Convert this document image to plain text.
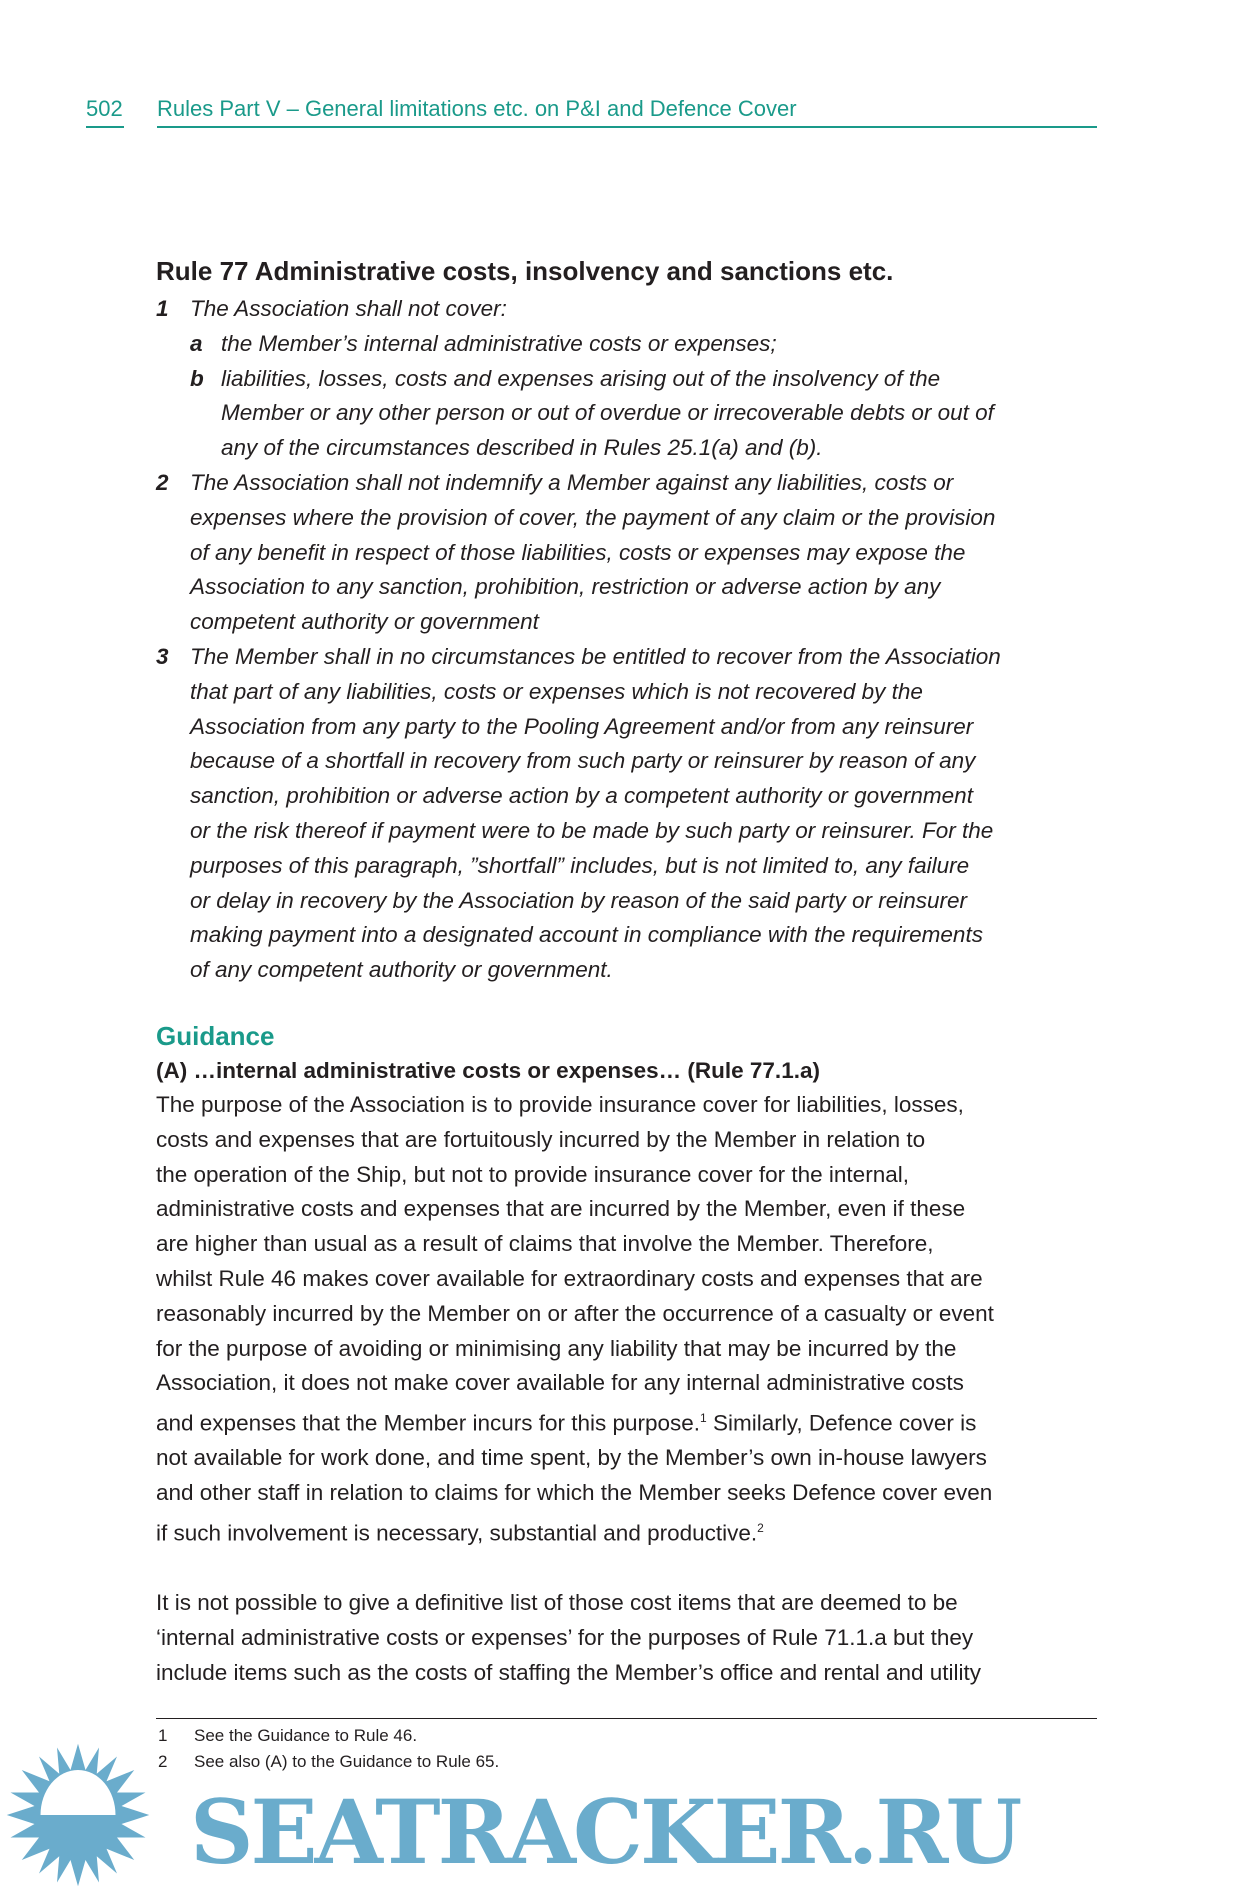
502 Rules Part V – General limitations etc. on P&I and Defence Cover
Rule 77 Administrative costs, insolvency and sanctions etc.
1 The Association shall not cover:
a the Member’s internal administrative costs or expenses;
b liabilities, losses, costs and expenses arising out of the insolvency of the
Member or any other person or out of overdue or irrecoverable debts or out of
any of the circumstances described in Rules 25.1(a) and (b).
2 The Association shall not indemnify a Member against any liabilities, costs or
expenses where the provision of cover, the payment of any claim or the provision
of any benefit in respect of those liabilities, costs or expenses may expose the
Association to any sanction, prohibition, restriction or adverse action by any
competent authority or government
3 The Member shall in no circumstances be entitled to recover from the Association
that part of any liabilities, costs or expenses which is not recovered by the
Association from any party to the Pooling Agreement and/or from any reinsurer
because of a shortfall in recovery from such party or reinsurer by reason of any
sanction, prohibition or adverse action by a competent authority or government
or the risk thereof if payment were to be made by such party or reinsurer. For the
purposes of this paragraph, ”shortfall” includes, but is not limited to, any failure
or delay in recovery by the Association by reason of the said party or reinsurer
making payment into a designated account in compliance with the requirements
of any competent authority or government.
Guidance
(A) …internal administrative costs or expenses… (Rule 77.1.a)
The purpose of the Association is to provide insurance cover for liabilities, losses,
costs and expenses that are fortuitously incurred by the Member in relation to
the operation of the Ship, but not to provide insurance cover for the internal,
administrative costs and expenses that are incurred by the Member, even if these
are higher than usual as a result of claims that involve the Member. Therefore,
whilst Rule 46 makes cover available for extraordinary costs and expenses that are
reasonably incurred by the Member on or after the occurrence of a casualty or event
for the purpose of avoiding or minimising any liability that may be incurred by the
Association, it does not make cover available for any internal administrative costs
and expenses that the Member incurs for this purpose.$^1$ Similarly, Defence cover is
not available for work done, and time spent, by the Member’s own in-house lawyers
and other staff in relation to claims for which the Member seeks Defence cover even
if such involvement is necessary, substantial and productive.$^2$
It is not possible to give a definitive list of those cost items that are deemed to be
‘internal administrative costs or expenses’ for the purposes of Rule 71.1.a but they
include items such as the costs of staffing the Member’s office and rental and utility
1 See the Guidance to Rule 46.
2 See also (A) to the Guidance to Rule 65.
SEATRACKER.RU
